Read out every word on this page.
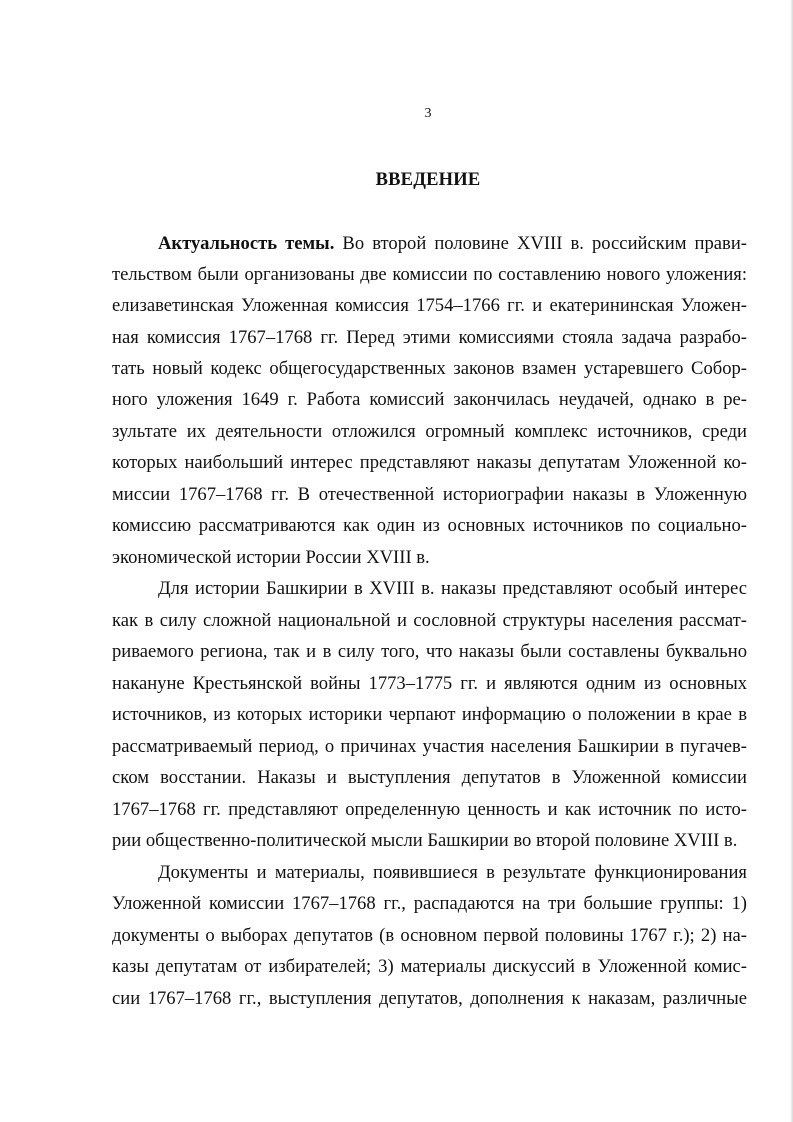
3
ВВЕДЕНИЕ
Актуальность темы. Во второй половине XVIII в. российским прави-
тельством были организованы две комиссии по составлению нового уложения:
елизаветинская Уложенная комиссия 1754–1766 гг. и екатерининская Уложен-
ная комиссия 1767–1768 гг. Перед этими комиссиями стояла задача разрабо-
тать новый кодекс общегосударственных законов взамен устаревшего Собор-
ного уложения 1649 г. Работа комиссий закончилась неудачей, однако в ре-
зультате их деятельности отложился огромный комплекс источников, среди
которых наибольший интерес представляют наказы депутатам Уложенной ко-
миссии 1767–1768 гг. В отечественной историографии наказы в Уложенную
комиссию рассматриваются как один из основных источников по социально-
экономической истории России XVIII в.
Для истории Башкирии в XVIII в. наказы представляют особый интерес
как в силу сложной национальной и сословной структуры населения рассмат-
риваемого региона, так и в силу того, что наказы были составлены буквально
накануне Крестьянской войны 1773–1775 гг. и являются одним из основных
источников, из которых историки черпают информацию о положении в крае в
рассматриваемый период, о причинах участия населения Башкирии в пугачев-
ском восстании. Наказы и выступления депутатов в Уложенной комиссии
1767–1768 гг. представляют определенную ценность и как источник по исто-
рии общественно-политической мысли Башкирии во второй половине XVIII в.
Документы и материалы, появившиеся в результате функционирования
Уложенной комиссии 1767–1768 гг., распадаются на три большие группы: 1)
документы о выборах депутатов (в основном первой половины 1767 г.); 2) на-
казы депутатам от избирателей; 3) материалы дискуссий в Уложенной комис-
сии 1767–1768 гг., выступления депутатов, дополнения к наказам, различные
